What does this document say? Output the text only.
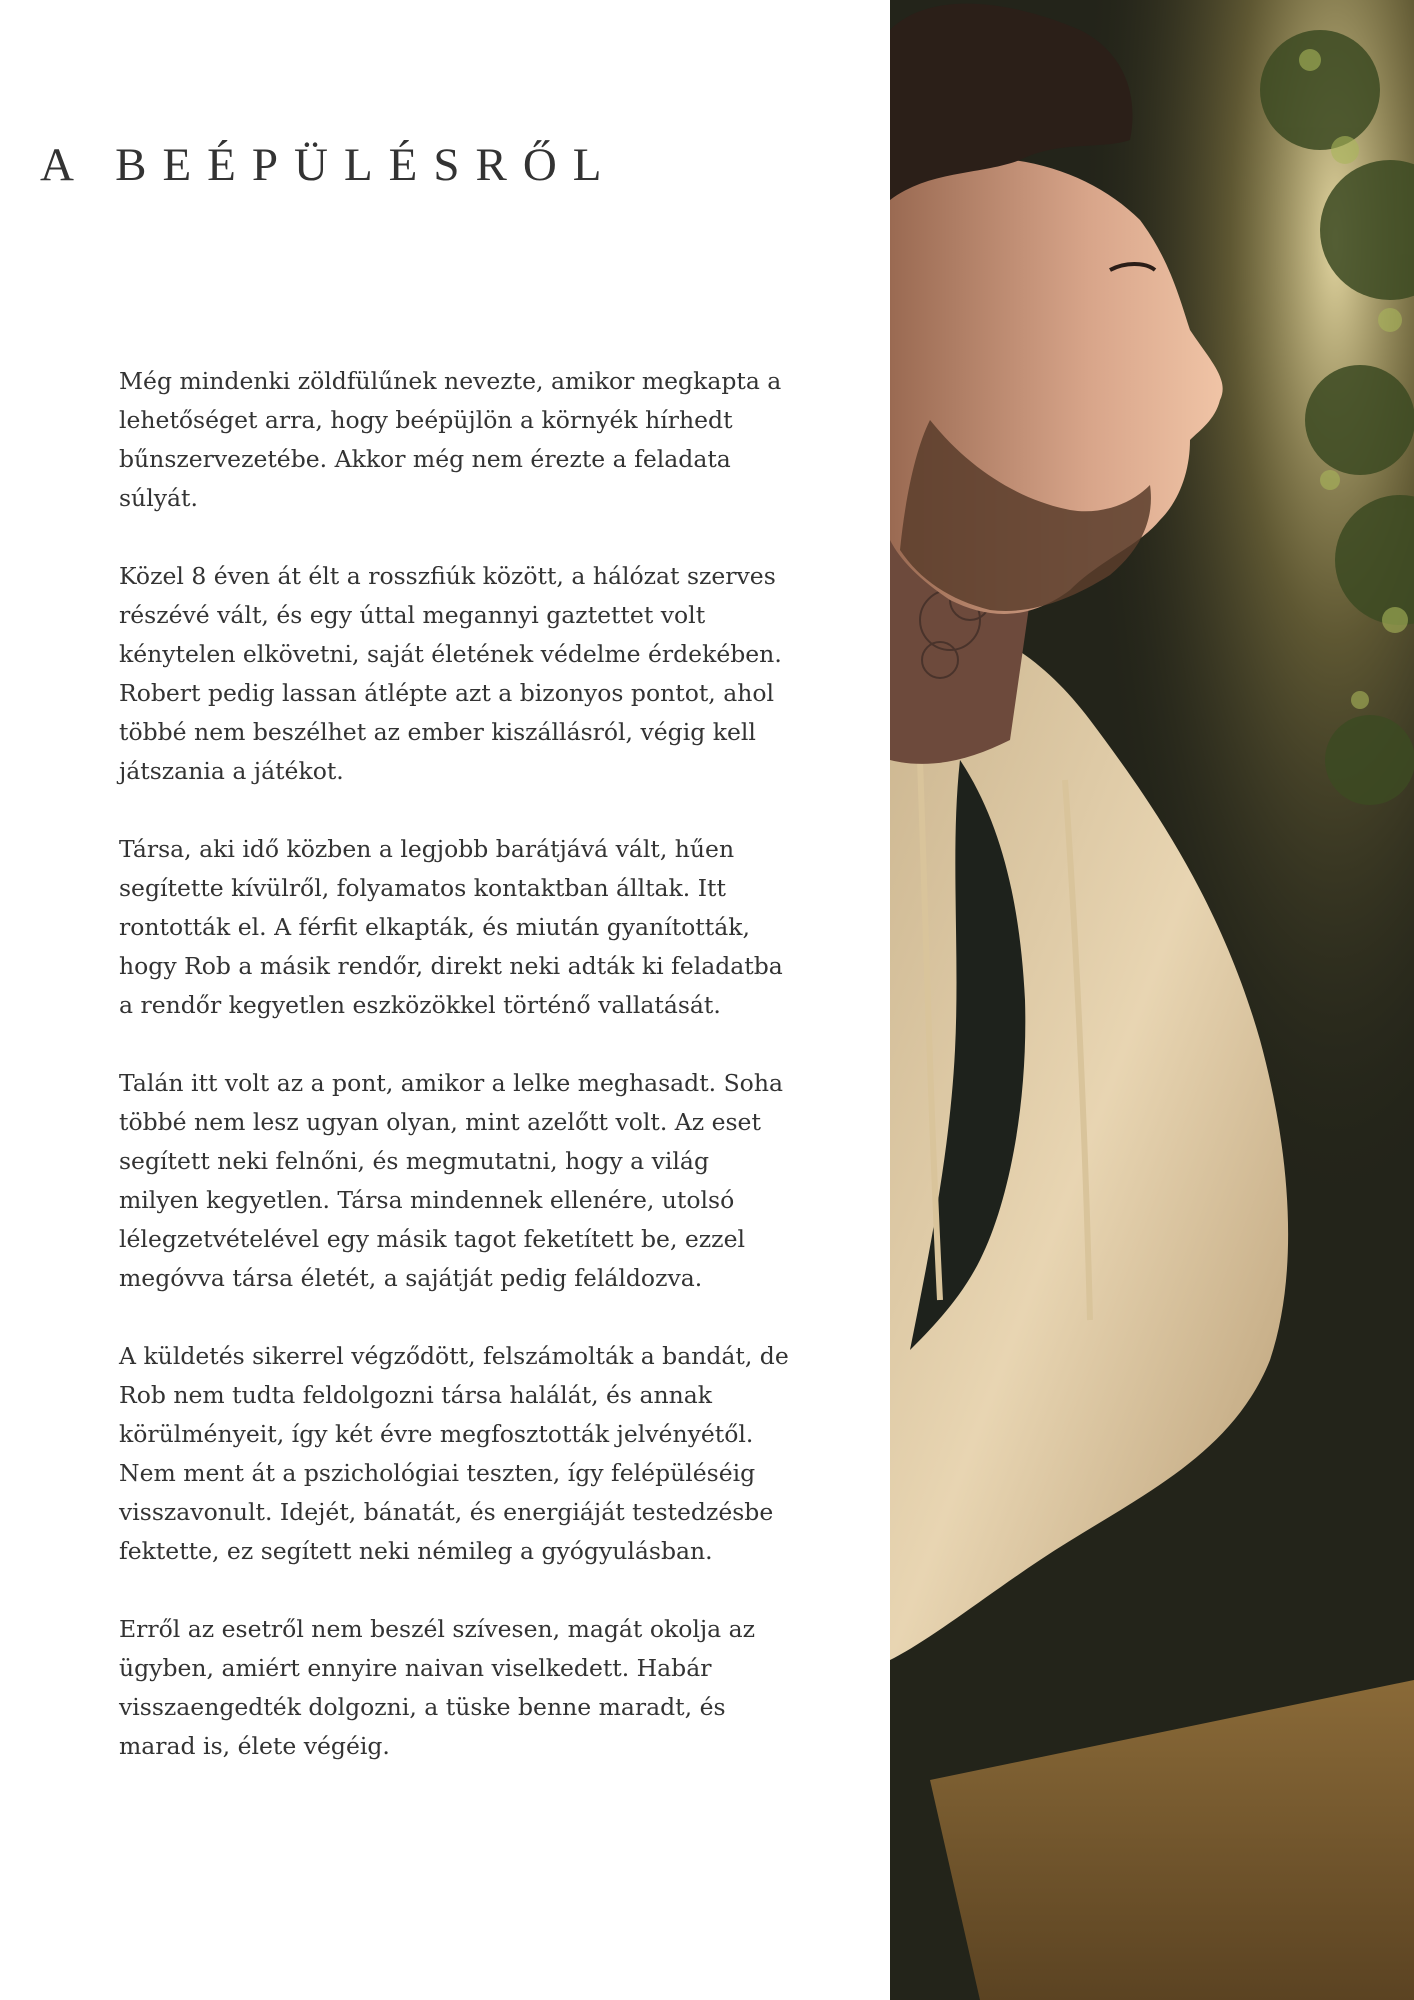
A BEÉPÜLÉSRŐL

Még mindenki zöldfülűnek nevezte, amikor megkapta a
lehetőséget arra, hogy beépüjlön a környék hírhedt
bűnszervezetébe. Akkor még nem érezte a feladata
súlyát.

Közel 8 éven át élt a rosszfiúk között, a hálózat szerves
részévé vált, és egy úttal megannyi gaztettet volt
kénytelen elkövetni, saját életének védelme érdekében.
Robert pedig lassan átlépte azt a bizonyos pontot, ahol
többé nem beszélhet az ember kiszállásról, végig kell
játszania a játékot.

Társa, aki idő közben a legjobb barátjává vált, hűen
segítette kívülről, folyamatos kontaktban álltak. Itt
rontották el. A férfit elkapták, és miután gyanították,
hogy Rob a másik rendőr, direkt neki adták ki feladatba
a rendőr kegyetlen eszközökkel történő vallatását.

Talán itt volt az a pont, amikor a lelke meghasadt. Soha
többé nem lesz ugyan olyan, mint azelőtt volt. Az eset
segített neki felnőni, és megmutatni, hogy a világ
milyen kegyetlen. Társa mindennek ellenére, utolsó
lélegzetvételével egy másik tagot feketített be, ezzel
megóvva társa életét, a sajátját pedig feláldozva.

A küldetés sikerrel végződött, felszámolták a bandát, de
Rob nem tudta feldolgozni társa halálát, és annak
körülményeit, így két évre megfosztották jelvényétől.
Nem ment át a pszichológiai teszten, így felépüléséig
visszavonult. Idejét, bánatát, és energiáját testedzésbe
fektette, ez segített neki némileg a gyógyulásban.

Erről az esetről nem beszél szívesen, magát okolja az
ügyben, amiért ennyire naivan viselkedett. Habár
visszaengedték dolgozni, a tüske benne maradt, és
marad is, élete végéig.
